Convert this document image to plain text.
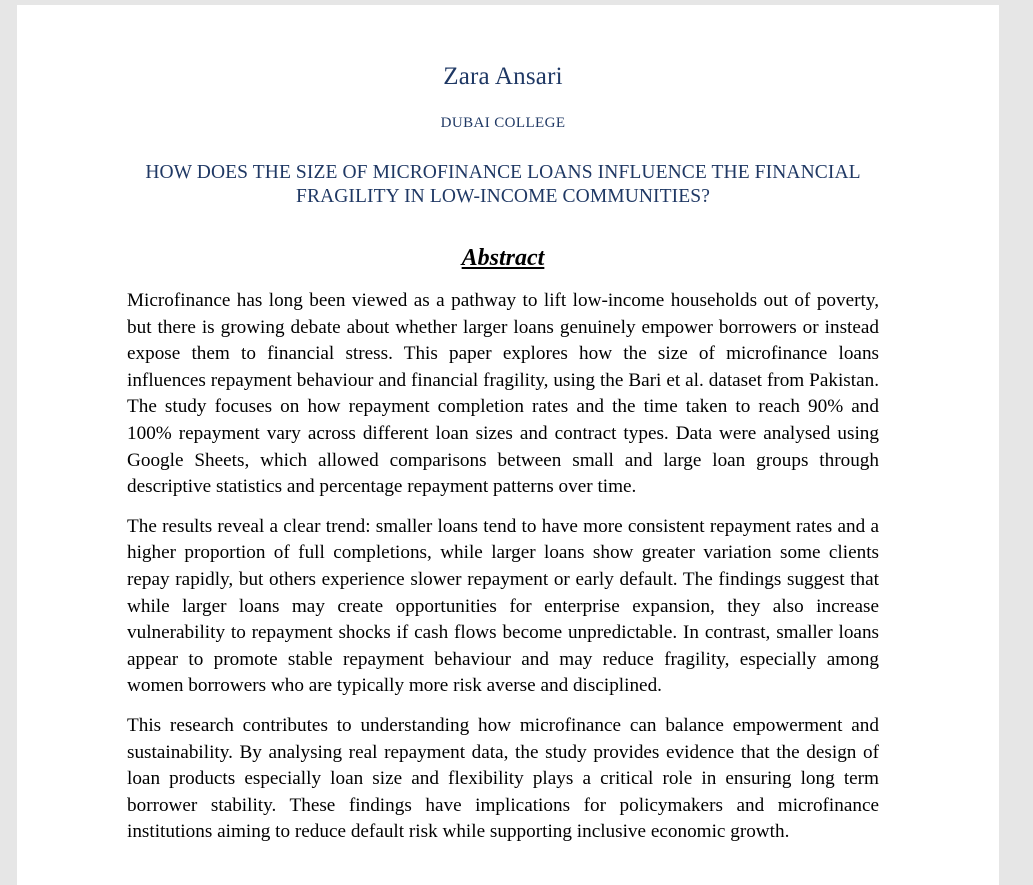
Zara Ansari
DUBAI COLLEGE
HOW DOES THE SIZE OF MICROFINANCE LOANS INFLUENCE THE FINANCIAL FRAGILITY IN LOW-INCOME COMMUNITIES?
Abstract

Microfinance has long been viewed as a pathway to lift low-income households out of poverty, but there is growing debate about whether larger loans genuinely empower borrowers or instead expose them to financial stress. This paper explores how the size of microfinance loans influences repayment behaviour and financial fragility, using the Bari et al. dataset from Pakistan. The study focuses on how repayment completion rates and the time taken to reach 90% and 100% repayment vary across different loan sizes and contract types. Data were analysed using Google Sheets, which allowed comparisons between small and large loan groups through descriptive statistics and percentage repayment patterns over time.

The results reveal a clear trend: smaller loans tend to have more consistent repayment rates and a higher proportion of full completions, while larger loans show greater variation some clients repay rapidly, but others experience slower repayment or early default. The findings suggest that while larger loans may create opportunities for enterprise expansion, they also increase vulnerability to repayment shocks if cash flows become unpredictable. In contrast, smaller loans appear to promote stable repayment behaviour and may reduce fragility, especially among women borrowers who are typically more risk averse and disciplined.

This research contributes to understanding how microfinance can balance empowerment and sustainability. By analysing real repayment data, the study provides evidence that the design of loan products especially loan size and flexibility plays a critical role in ensuring long term borrower stability. These findings have implications for policymakers and microfinance institutions aiming to reduce default risk while supporting inclusive economic growth.
